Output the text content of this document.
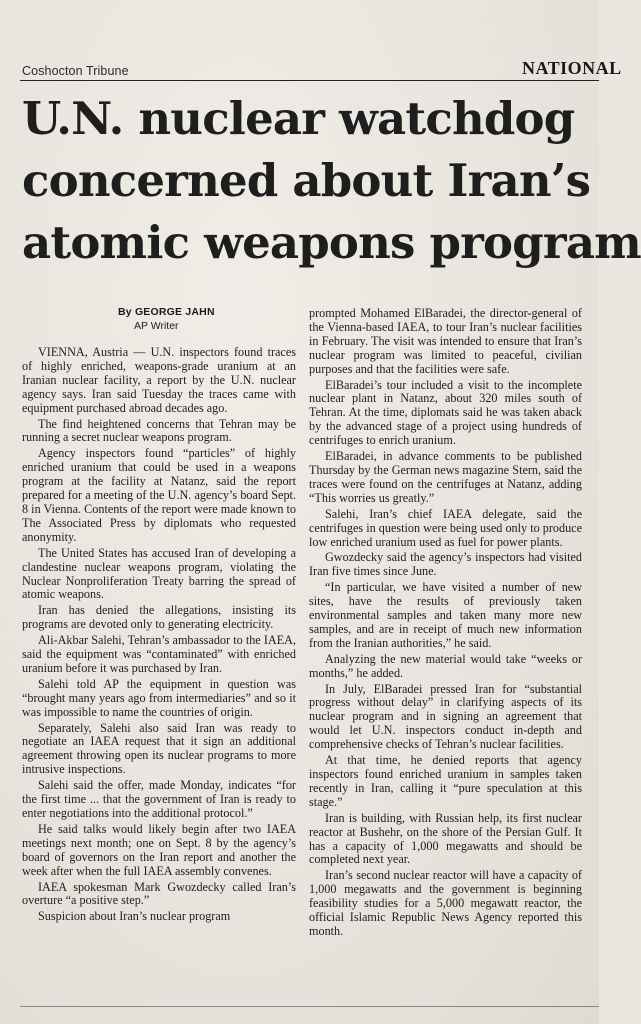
Coshocton Tribune	NATIONAL
U.N. nuclear watchdog
concerned about Iran’s
atomic weapons program
By GEORGE JAHN
AP Writer

VIENNA, Austria — U.N. inspectors found traces of highly enriched, weapons-grade uranium at an Iranian nuclear facility, a report by the U.N. nuclear agency says. Iran said Tuesday the traces came with equipment purchased abroad decades ago.

The find heightened concerns that Tehran may be running a secret nuclear weapons program.

Agency inspectors found “particles” of highly enriched uranium that could be used in a weapons program at the facility at Natanz, said the report prepared for a meeting of the U.N. agency’s board Sept. 8 in Vienna. Contents of the report were made known to The Associated Press by diplomats who requested anonymity.

The United States has accused Iran of developing a clandestine nuclear weapons program, violating the Nuclear Nonproliferation Treaty barring the spread of atomic weapons.

Iran has denied the allegations, insisting its programs are devoted only to generating electricity.

Ali-Akbar Salehi, Tehran’s ambassador to the IAEA, said the equipment was “contaminated” with enriched uranium before it was purchased by Iran.

Salehi told AP the equipment in question was “brought many years ago from intermediaries” and so it was impossible to name the countries of origin.

Separately, Salehi also said Iran was ready to negotiate an IAEA request that it sign an additional agreement throwing open its nuclear programs to more intrusive inspections.

Salehi said the offer, made Monday, indicates “for the first time ... that the government of Iran is ready to enter negotiations into the additional protocol.”

He said talks would likely begin after two IAEA meetings next month; one on Sept. 8 by the agency’s board of governors on the Iran report and another the week after when the full IAEA assembly convenes.

IAEA spokesman Mark Gwozdecky called Iran’s overture “a positive step.”

Suspicion about Iran’s nuclear program

prompted Mohamed ElBaradei, the director-general of the Vienna-based IAEA, to tour Iran’s nuclear facilities in February. The visit was intended to ensure that Iran’s nuclear program was limited to peaceful, civilian purposes and that the facilities were safe.

ElBaradei’s tour included a visit to the incomplete nuclear plant in Natanz, about 320 miles south of Tehran. At the time, diplomats said he was taken aback by the advanced stage of a project using hundreds of centrifuges to enrich uranium.

ElBaradei, in advance comments to be published Thursday by the German news magazine Stern, said the traces were found on the centrifuges at Natanz, adding “This worries us greatly.”

Salehi, Iran’s chief IAEA delegate, said the centrifuges in question were being used only to produce low enriched uranium used as fuel for power plants.

Gwozdecky said the agency’s inspectors had visited Iran five times since June.

“In particular, we have visited a number of new sites, have the results of previously taken environmental samples and taken many more new samples, and are in receipt of much new information from the Iranian authorities,” he said.

Analyzing the new material would take “weeks or months,” he added.

In July, ElBaradei pressed Iran for “substantial progress without delay” in clarifying aspects of its nuclear program and in signing an agreement that would let U.N. inspectors conduct in-depth and comprehensive checks of Tehran’s nuclear facilities.

At that time, he denied reports that agency inspectors found enriched uranium in samples taken recently in Iran, calling it “pure speculation at this stage.”

Iran is building, with Russian help, its first nuclear reactor at Bushehr, on the shore of the Persian Gulf. It has a capacity of 1,000 megawatts and should be completed next year.

Iran’s second nuclear reactor will have a capacity of 1,000 megawatts and the government is beginning feasibility studies for a 5,000 megawatt reactor, the official Islamic Republic News Agency reported this month.
